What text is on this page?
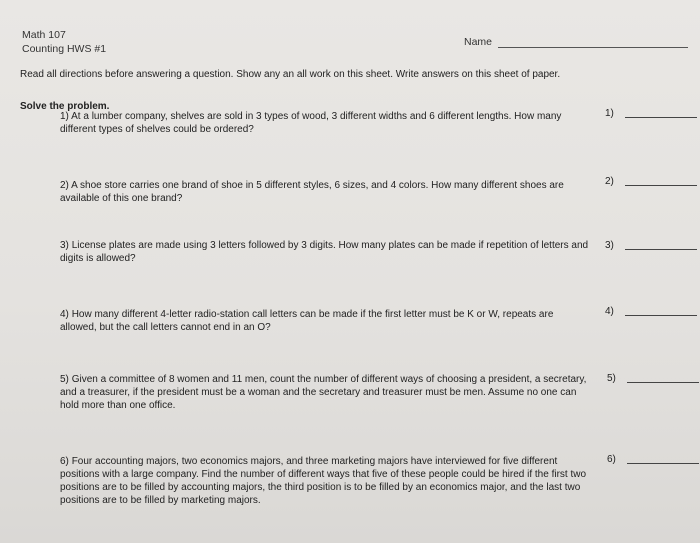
Math 107
Counting HWS #1
Name
Read all directions before answering a question. Show any an all work on this sheet. Write answers on this sheet of paper.
Solve the problem.
1) At a lumber company, shelves are sold in 3 types of wood, 3 different widths and 6 different lengths. How many different types of shelves could be ordered?
1)
2) A shoe store carries one brand of shoe in 5 different styles, 6 sizes, and 4 colors. How many different shoes are available of this one brand?
2)
3) License plates are made using 3 letters followed by 3 digits. How many plates can be made if repetition of letters and digits is allowed?
3)
4) How many different 4-letter radio-station call letters can be made if the first letter must be K or W, repeats are allowed, but the call letters cannot end in an O?
4)
5) Given a committee of 8 women and 11 men, count the number of different ways of choosing a president, a secretary, and a treasurer, if the president must be a woman and the secretary and treasurer must be men. Assume no one can hold more than one office.
5)
6) Four accounting majors, two economics majors, and three marketing majors have interviewed for five different positions with a large company. Find the number of different ways that five of these people could be hired if the first two positions are to be filled by accounting majors, the third position is to be filled by an economics major, and the last two positions are to be filled by marketing majors.
6)
